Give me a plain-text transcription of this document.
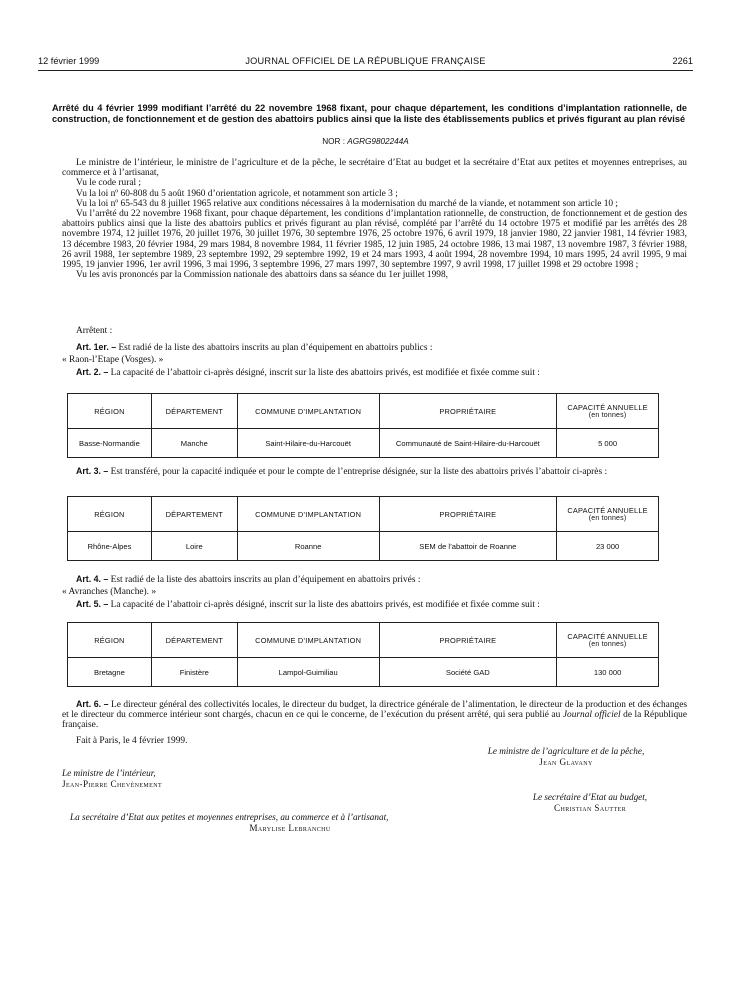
12 février 1999	JOURNAL OFFICIEL DE LA RÉPUBLIQUE FRANÇAISE	2261
Arrêté du 4 février 1999 modifiant l’arrêté du 22 novembre 1968 fixant, pour chaque département, les conditions d’implantation rationnelle, de construction, de fonctionnement et de gestion des abattoirs publics ainsi que la liste des établissements publics et privés figurant au plan révisé
NOR : AGRG9802244A

Le ministre de l’intérieur, le ministre de l’agriculture et de la pêche, le secrétaire d’Etat au budget et la secrétaire d’Etat aux petites et moyennes entreprises, au commerce et à l’artisanat,

Vu le code rural ;

Vu la loi nº 60-808 du 5 août 1960 d’orientation agricole, et notamment son article 3 ;

Vu la loi nº 65-543 du 8 juillet 1965 relative aux conditions nécessaires à la modernisation du marché de la viande, et notamment son article 10 ;

Vu l’arrêté du 22 novembre 1968 fixant, pour chaque département, les conditions d’implantation rationnelle, de construction, de fonctionnement et de gestion des abattoirs publics ainsi que la liste des abattoirs publics et privés figurant au plan révisé, complété par l’arrêté du 14 octobre 1975 et modifié par les arrêtés des 28 novembre 1974, 12 juillet 1976, 20 juillet 1976, 30 juillet 1976, 30 septembre 1976, 25 octobre 1976, 6 avril 1979, 18 janvier 1980, 22 janvier 1981, 14 février 1983, 13 décembre 1983, 20 février 1984, 29 mars 1984, 8 novembre 1984, 11 février 1985, 12 juin 1985, 24 octobre 1986, 13 mai 1987, 13 novembre 1987, 3 février 1988, 26 avril 1988, 1er septembre 1989, 23 septembre 1992, 29 septembre 1992, 19 et 24 mars 1993, 4 août 1994, 28 novembre 1994, 10 mars 1995, 24 avril 1995, 9 mai 1995, 19 janvier 1996, 1er avril 1996, 3 mai 1996, 3 septembre 1996, 27 mars 1997, 30 septembre 1997, 9 avril 1998, 17 juillet 1998 et 29 octobre 1998 ;

Vu les avis prononcés par la Commission nationale des abattoirs dans sa séance du 1er juillet 1998,

Arrêtent :

Art. 1er. – Est radié de la liste des abattoirs inscrits au plan d’équipement en abattoirs publics :

« Raon-l’Etape (Vosges). »

Art. 2. – La capacité de l’abattoir ci-après désigné, inscrit sur la liste des abattoirs privés, est modifiée et fixée comme suit :

RÉGION	DÉPARTEMENT	COMMUNE D’IMPLANTATION	PROPRIÉTAIRE	CAPACITÉ ANNUELLE
(en tonnes)

Basse-Normandie	Manche	Saint-Hilaire-du-Harcouët	Communauté de Saint-Hilaire-du-Harcouët	5 000

Art. 3. – Est transféré, pour la capacité indiquée et pour le compte de l’entreprise désignée, sur la liste des abattoirs privés l’abattoir ci-après :

RÉGION	DÉPARTEMENT	COMMUNE D’IMPLANTATION	PROPRIÉTAIRE	CAPACITÉ ANNUELLE
(en tonnes)

Rhône-Alpes	Loire	Roanne	SEM de l’abattoir de Roanne	23 000

Art. 4. – Est radié de la liste des abattoirs inscrits au plan d’équipement en abattoirs privés :

« Avranches (Manche). »

Art. 5. – La capacité de l’abattoir ci-après désigné, inscrit sur la liste des abattoirs privés, est modifiée et fixée comme suit :

RÉGION	DÉPARTEMENT	COMMUNE D’IMPLANTATION	PROPRIÉTAIRE	CAPACITÉ ANNUELLE
(en tonnes)

Bretagne	Finistère	Lampol-Guimiliau	Société GAD	130 000

Art. 6. – Le directeur général des collectivités locales, le directeur du budget, la directrice générale de l’alimentation, le directeur de la production et des échanges et le directeur du commerce intérieur sont chargés, chacun en ce qui le concerne, de l’exécution du présent arrêté, qui sera publié au Journal officiel de la République française.

Fait à Paris, le 4 février 1999.

Le ministre de l’agriculture et de la pêche,
Jean Glavany
Le ministre de l’intérieur,
Jean-Pierre Chevènement
Le secrétaire d’Etat au budget,
Christian Sautter
La secrétaire d’Etat aux petites et moyennes entreprises, au commerce et à l’artisanat,
Marylise Lebranchu
